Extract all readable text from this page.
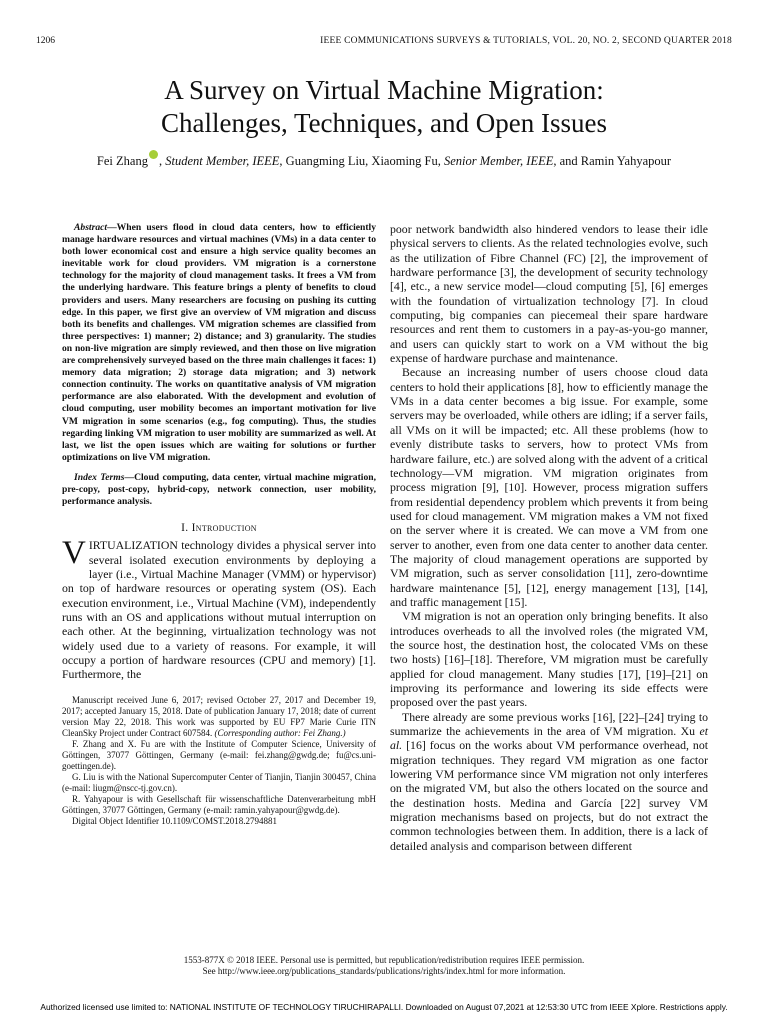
1206	IEEE COMMUNICATIONS SURVEYS & TUTORIALS, VOL. 20, NO. 2, SECOND QUARTER 2018
A Survey on Virtual Machine Migration:
Challenges, Techniques, and Open Issues
Fei Zhang , Student Member, IEEE, Guangming Liu, Xiaoming Fu, Senior Member, IEEE, and Ramin Yahyapour

Abstract—When users flood in cloud data centers, how to efficiently manage hardware resources and virtual machines (VMs) in a data center to both lower economical cost and ensure a high service quality becomes an inevitable work for cloud providers. VM migration is a cornerstone technology for the majority of cloud management tasks. It frees a VM from the underlying hardware. This feature brings a plenty of benefits to cloud providers and users. Many researchers are focusing on pushing its cutting edge. In this paper, we first give an overview of VM migration and discuss both its benefits and challenges. VM migration schemes are classified from three perspectives: 1) manner; 2) distance; and 3) granularity. The studies on non-live migration are simply reviewed, and then those on live migration are comprehensively surveyed based on the three main challenges it faces: 1) memory data migration; 2) storage data migration; and 3) network connection continuity. The works on quantitative analysis of VM migration performance are also elaborated. With the development and evolution of cloud computing, user mobility becomes an important motivation for live VM migration in some scenarios (e.g., fog computing). Thus, the studies regarding linking VM migration to user mobility are summarized as well. At last, we list the open issues which are waiting for solutions or further optimizations on live VM migration.

Index Terms—Cloud computing, data center, virtual machine migration, pre-copy, post-copy, hybrid-copy, network connection, user mobility, performance analysis.

I. Introduction

VIRTUALIZATION technology divides a physical server into several isolated execution environments by deploying a layer (i.e., Virtual Machine Manager (VMM) or hypervisor) on top of hardware resources or operating system (OS). Each execution environment, i.e., Virtual Machine (VM), independently runs with an OS and applications without mutual interruption on each other. At the beginning, virtualization technology was not widely used due to a variety of reasons. For example, it will occupy a portion of hardware resources (CPU and memory) [1]. Furthermore, the

Manuscript received June 6, 2017; revised October 27, 2017 and December 19, 2017; accepted January 15, 2018. Date of publication January 17, 2018; date of current version May 22, 2018. This work was supported by EU FP7 Marie Curie ITN CleanSky Project under Contract 607584. (Corresponding author: Fei Zhang.)

F. Zhang and X. Fu are with the Institute of Computer Science, University of Göttingen, 37077 Göttingen, Germany (e-mail: fei.zhang@gwdg.de; fu@cs.uni-goettingen.de).

G. Liu is with the National Supercomputer Center of Tianjin, Tianjin 300457, China (e-mail: liugm@nscc-tj.gov.cn).

R. Yahyapour is with Gesellschaft für wissenschaftliche Datenverarbeitung mbH Göttingen, 37077 Göttingen, Germany (e-mail: ramin.yahyapour@gwdg.de).

Digital Object Identifier 10.1109/COMST.2018.2794881

poor network bandwidth also hindered vendors to lease their idle physical servers to clients. As the related technologies evolve, such as the utilization of Fibre Channel (FC) [2], the improvement of hardware performance [3], the development of security technology [4], etc., a new service model—cloud computing [5], [6] emerges with the foundation of virtualization technology [7]. In cloud computing, big companies can piecemeal their spare hardware resources and rent them to customers in a pay-as-you-go manner, and users can quickly start to work on a VM without the big expense of hardware purchase and maintenance.

Because an increasing number of users choose cloud data centers to hold their applications [8], how to efficiently manage the VMs in a data center becomes a big issue. For example, some servers may be overloaded, while others are idling; if a server fails, all VMs on it will be impacted; etc. All these problems (how to evenly distribute tasks to servers, how to protect VMs from hardware failure, etc.) are solved along with the advent of a critical technology—VM migration. VM migration originates from process migration [9], [10]. However, process migration suffers from residential dependency problem which prevents it from being used for cloud management. VM migration makes a VM not fixed on the server where it is created. We can move a VM from one server to another, even from one data center to another data center. The majority of cloud management operations are supported by VM migration, such as server consolidation [11], zero-downtime hardware maintenance [5], [12], energy management [13], [14], and traffic management [15].

VM migration is not an operation only bringing benefits. It also introduces overheads to all the involved roles (the migrated VM, the source host, the destination host, the colocated VMs on these two hosts) [16]–[18]. Therefore, VM migration must be carefully applied for cloud management. Many studies [17], [19]–[21] on improving its performance and lowering its side effects were proposed over the past years.

There already are some previous works [16], [22]–[24] trying to summarize the achievements in the area of VM migration. Xu et al. [16] focus on the works about VM performance overhead, not migration techniques. They regard VM migration as one factor lowering VM performance since VM migration not only interferes on the migrated VM, but also the others located on the source and the destination hosts. Medina and García [22] survey VM migration mechanisms based on projects, but do not extract the common technologies between them. In addition, there is a lack of detailed analysis and comparison between different

1553-877X © 2018 IEEE. Personal use is permitted, but republication/redistribution requires IEEE permission.
See http://www.ieee.org/publications_standards/publications/rights/index.html for more information.
Authorized licensed use limited to: NATIONAL INSTITUTE OF TECHNOLOGY TIRUCHIRAPALLI. Downloaded on August 07,2021 at 12:53:30 UTC from IEEE Xplore. Restrictions apply.
